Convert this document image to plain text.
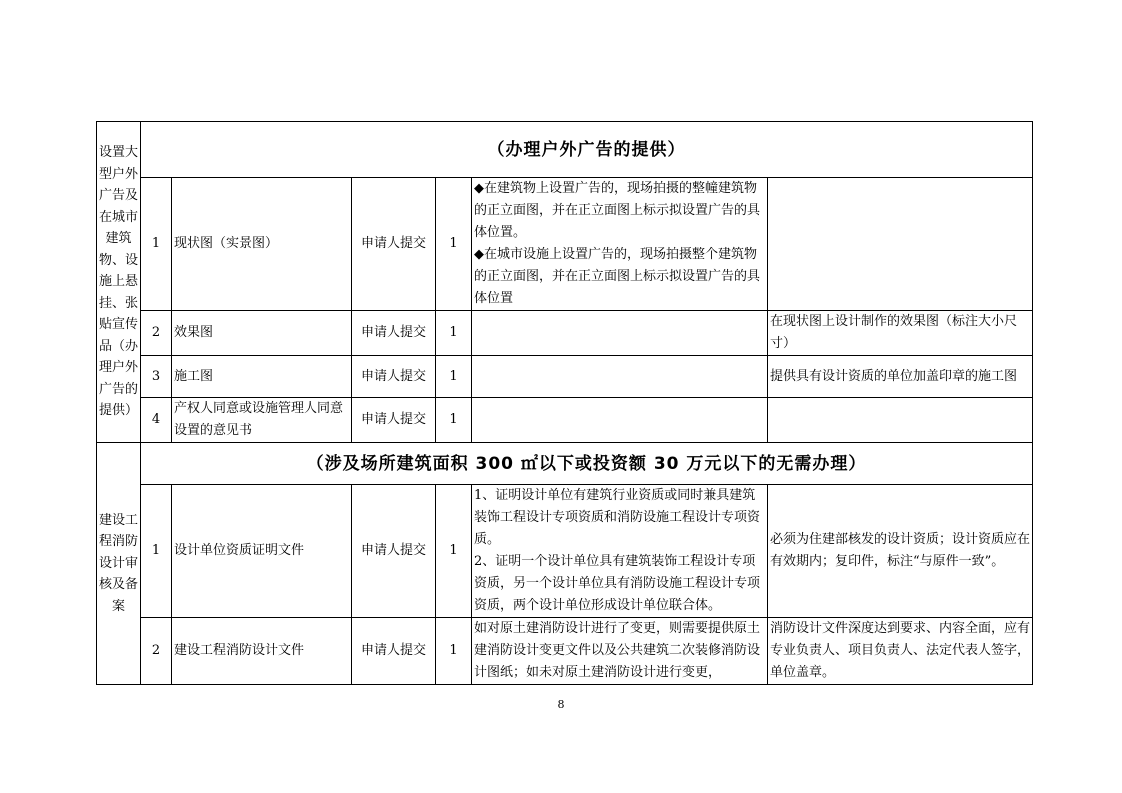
设置大型户外广告及在城市建筑物、设施上悬挂、张贴宣传品（办理户外广告的提供）	（办理户外广告的提供）					
	1	现状图（实景图）	申请人提交	1	◆在建筑物上设置广告的，现场拍摄的整幢建筑物的正立面图，并在正立面图上标示拟设置广告的具体位置。
◆在城市设施上设置广告的，现场拍摄整个建筑物的正立面图，并在正立面图上标示拟设置广告的具体位置	

	2	效果图	申请人提交	1		在现状图上设计制作的效果图（标注大小尺寸）
	3	施工图	申请人提交	1		提供具有设计资质的单位加盖印章的施工图
	4	产权人同意或设施管理人同意设置的意见书	申请人提交	1		
建设工程消防设计审核及备案	（涉及场所建筑面积 300 ㎡以下或投资额 30 万元以下的无需办理）					
	1	设计单位资质证明文件	申请人提交	1	1、证明设计单位有建筑行业资质或同时兼具建筑装饰工程设计专项资质和消防设施工程设计专项资质。
2、证明一个设计单位具有建筑装饰工程设计专项资质，另一个设计单位具有消防设施工程设计专项资质，两个设计单位形成设计单位联合体。	必须为住建部核发的设计资质；设计资质应在有效期内；复印件，标注“与原件一致”。
	2	建设工程消防设计文件	申请人提交	1	如对原土建消防设计进行了变更，则需要提供原土建消防设计变更文件以及公共建筑二次装修消防设计图纸；如未对原土建消防设计进行变更，	消防设计文件深度达到要求、内容全面，应有专业负责人、项目负责人、法定代表人签字，单位盖章。
8
